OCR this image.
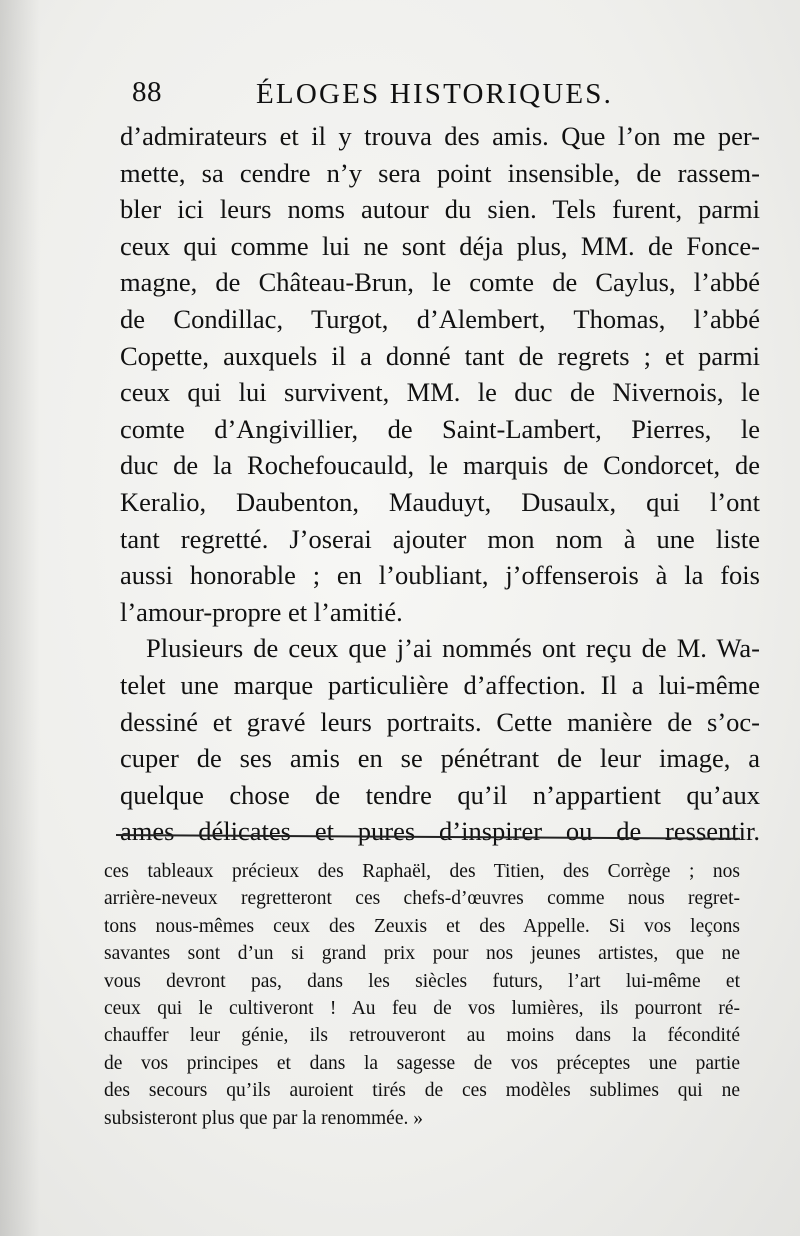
88	ÉLOGES HISTORIQUES.
d’admirateurs et il y trouva des amis. Que l’on me per-
mette, sa cendre n’y sera point insensible, de rassem-
bler ici leurs noms autour du sien. Tels furent, parmi
ceux qui comme lui ne sont déja plus, MM. de Fonce-
magne, de Château-Brun, le comte de Caylus, l’abbé
de Condillac, Turgot, d’Alembert, Thomas, l’abbé
Copette, auxquels il a donné tant de regrets ; et parmi
ceux qui lui survivent, MM. le duc de Nivernois, le
comte d’Angivillier, de Saint-Lambert, Pierres, le
duc de la Rochefoucauld, le marquis de Condorcet, de
Keralio, Daubenton, Mauduyt, Dusaulx, qui l’ont
tant regretté. J’oserai ajouter mon nom à une liste
aussi honorable ; en l’oubliant, j’offenserois à la fois
l’amour-propre et l’amitié.
Plusieurs de ceux que j’ai nommés ont reçu de M. Wa-
telet une marque particulière d’affection. Il a lui-même
dessiné et gravé leurs portraits. Cette manière de s’oc-
cuper de ses amis en se pénétrant de leur image, a
quelque chose de tendre qu’il n’appartient qu’aux
ames délicates et pures d’inspirer ou de ressentir.
ces tableaux précieux des Raphaël, des Titien, des Corrège ; nos
arrière-neveux regretteront ces chefs-d’œuvres comme nous regret-
tons nous-mêmes ceux des Zeuxis et des Appelle. Si vos leçons
savantes sont d’un si grand prix pour nos jeunes artistes, que ne
vous devront pas, dans les siècles futurs, l’art lui-même et
ceux qui le cultiveront ! Au feu de vos lumières, ils pourront ré-
chauffer leur génie, ils retrouveront au moins dans la fécondité
de vos principes et dans la sagesse de vos préceptes une partie
des secours qu’ils auroient tirés de ces modèles sublimes qui ne
subsisteront plus que par la renommée. »
